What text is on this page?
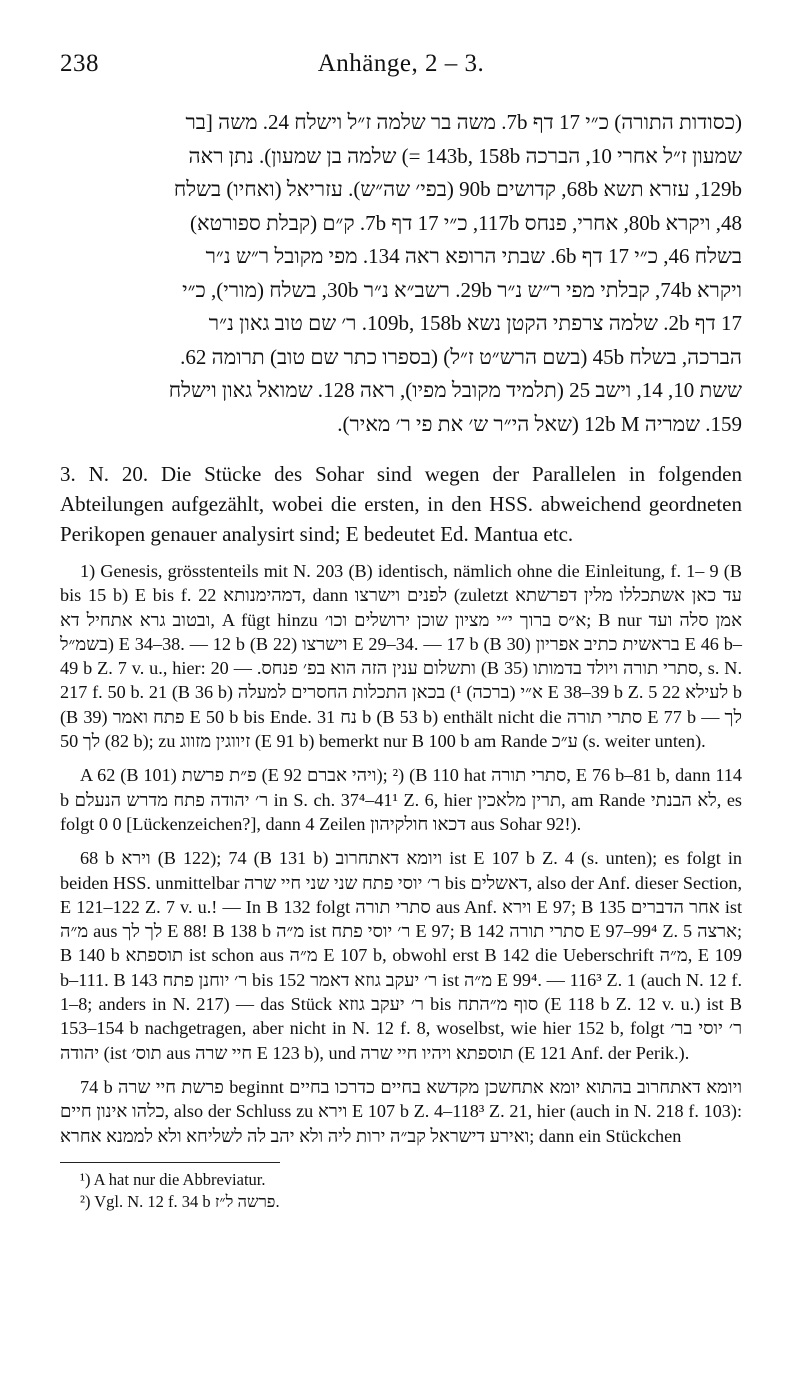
238	Anhänge, 2 – 3.

(כסודות התורה) כ״י 17 דף 7b. משה בר שלמה ז״ל וישלח 24. משה [בר

שמעון ז״ל אחרי 10, הברכה 143b, 158b =) שלמה בן שמעון). נתן ראה

129b, עזרא תשא 68b, קדושים 90b (בפי׳ שה״ש). עזריאל (ואחיו) בשלח

48, ויקרא 80b, אחרי, פנחס 117b, כ״י 17 דף 7b. ק״ם (קבלת ספורטא)

בשלח 46, כ״י 17 דף 6b. שבתי הרופא ראה 134. מפי מקובל ר״ש נ״ר

ויקרא 74b, קבלתי מפי ר״ש נ״ר 29b. רשב״א נ״ר 30b, בשלח (מורי), כ״י

17 דף 2b. שלמה צרפתי הקטן נשא 109b, 158b. ר׳ שם טוב גאון נ״ר

הברכה, בשלח 45b (בשם הרש״ט ז״ל) (בספרו כתר שם טוב) תרומה 62.

ששת 10, 14, וישב 25 (תלמיד מקובל מפיו), ראה 128. שמואל גאון וישלח

159. שמריה 12b M (שאל הי״ר ש׳ את פי ר׳ מאיר).

3. N. 20. Die Stücke des Sohar sind wegen der Parallelen in folgenden Abteilungen aufgezählt, wobei die ersten, in den HSS. abweichend geordneten Perikopen genauer analysirt sind; E bedeutet Ed. Mantua etc.

1) Genesis, grösstenteils mit N. 203 (B) identisch, nämlich ohne die Einleitung, f. 1– 9 (B bis 15 b) E bis f. 22 דמהימנותא, dann לפנים וישרצו (zuletzt עד כאן אשתכללו מלין דפרשתא ובטוב גרא אתחיל דא, A fügt hinzu א״ס ברוך י״י מציון שוכן ירושלים וכו׳; B nur אמן סלה ועד בשמ״ל) E 34–38. — 12 b (B 22) וישרצו E 29–34. — 17 b (B 30) בראשית כתיב אפריון E 46 b–49 b Z. 7 v. u., hier: ותשלום ענין הזה הוא בפ׳ פנחס. — 20 (B 35) סתרי תורה ויולד בדמותו, s. N. 217 f. 50 b. 21 (B 36 b) א״י (ברכה) ¹) בכאן התכלות החסרים למעלה E 38–39 b Z. 5 לעילא 22 b (B 39) פתח ואמר E 50 b bis Ende. נח 31 b (B 53 b) enthält nicht die סתרי תורה E 77 b — לך לך 50 (82 b); zu זיווגין מזווג (E 91 b) bemerkt nur B 100 b am Rande ע״כ (s. weiter unten).

A 62 (B 101) פ״ת פרשת (E 92 ויהי אברם); ²) (B 110 hat סתרי תורה, E 76 b–81 b, dann 114 b ר׳ יהודה פתח מדרש הנעלם in S. ch. 37⁴–41¹ Z. 6, hier תרין מלאכין, am Rande לא הבנתי, es folgt 0 0 [Lückenzeichen?], dann 4 Zeilen דכאו חולקיהון aus Sohar 92!).

68 b וירא (B 122); 74 (B 131 b) ויומא דאתחרוב ist E 107 b Z. 4 (s. unten); es folgt in beiden HSS. unmittelbar ר׳ יוסי פתח שני שני חיי שרה bis דאשלים, also der Anf. dieser Section, E 121–122 Z. 7 v. u.! — In B 132 folgt סתרי תורה aus Anf. וירא E 97; B 135 אחר הדברים ist מ״ה aus לך לך E 88! B 138 b מ״ה ist ר׳ יוסי פתח E 97; B 142 סתרי תורה E 97–99⁴ Z. 5 ארצה; B 140 b תוספתא ist schon aus מ״ה E 107 b, obwohl erst B 142 die Ueberschrift מ״ה, E 109 b–111. B 143 ר׳ יוחנן פתח bis 152 ר׳ יעקב גוזא דאמר ist מ״ה E 99⁴. — 116³ Z. 1 (auch N. 12 f. 1–8; anders in N. 217) — das Stück ר׳ יעקב גוזא bis סוף מ״התח (E 118 b Z. 12 v. u.) ist B 153–154 b nachgetragen, aber nicht in N. 12 f. 8, woselbst, wie hier 152 b, folgt ר׳ יוסי בר׳ יהודה (ist תוס׳ aus חיי שרה E 123 b), und תוספתא ויהיו חיי שרה (E 121 Anf. der Perik.).

74 b פרשת חיי שרה beginnt ויומא דאתחרוב בהתוא יומא אתחשכן מקדשא בחיים כדרכו בחיים כלהו אינון חיים, also der Schluss zu וירא E 107 b Z. 4–118³ Z. 21, hier (auch in N. 218 f. 103): ואירע דישראל קב״ה ירות ליה ולא יהב לה לשליחא ולא לממנא אחרא; dann ein Stückchen

¹) A hat nur die Abbreviatur.

²) Vgl. N. 12 f. 34 b פרשה ל״ז.
